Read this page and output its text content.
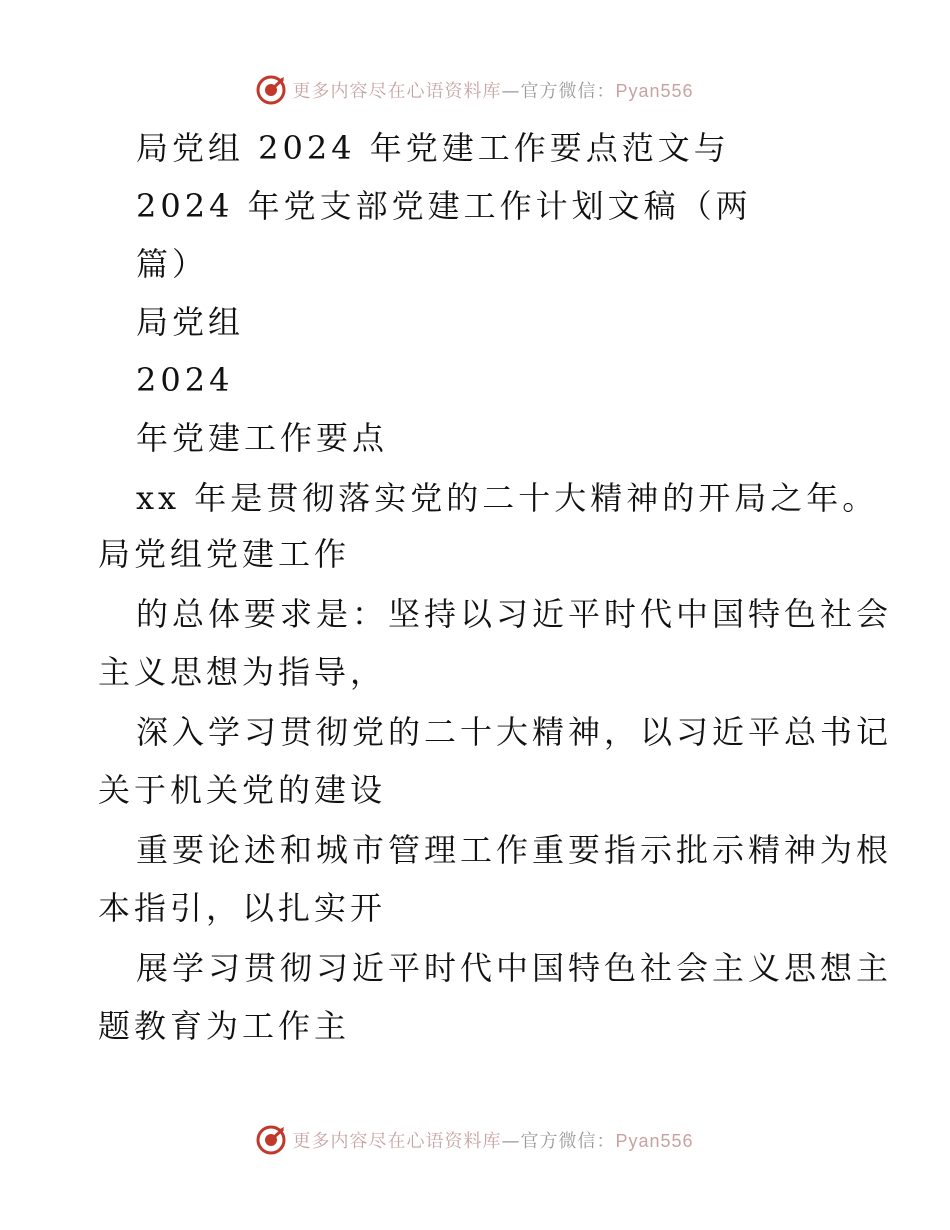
更多内容尽在心语资料库—官方微信：Pyan556
局党组 2024 年党建工作要点范文与
2024 年党支部党建工作计划文稿（两
篇）
局党组
2024
年党建工作要点
xx 年是贯彻落实党的二十大精神的开局之年。
局党组党建工作
的总体要求是：坚持以习近平时代中国特色社会
主义思想为指导，
深入学习贯彻党的二十大精神，以习近平总书记
关于机关党的建设
重要论述和城市管理工作重要指示批示精神为根
本指引，以扎实开
展学习贯彻习近平时代中国特色社会主义思想主
题教育为工作主
更多内容尽在心语资料库—官方微信：Pyan556
